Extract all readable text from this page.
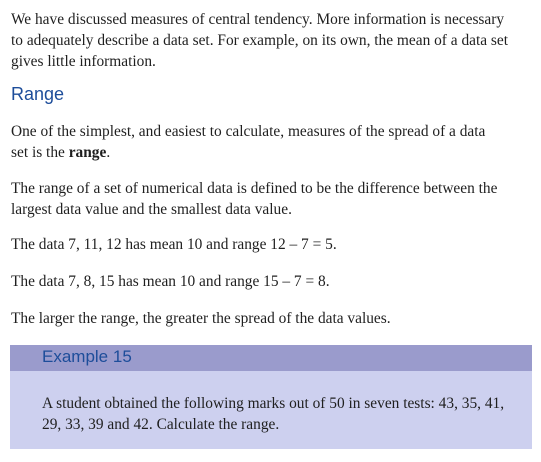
We have discussed measures of central tendency. More information is necessary to adequately describe a data set. For example, on its own, the mean of a data set gives little information.

Range

One of the simplest, and easiest to calculate, measures of the spread of a data set is the range.

The range of a set of numerical data is defined to be the difference between the largest data value and the smallest data value.

The data 7, 11, 12 has mean 10 and range 12 – 7 = 5.

The data 7, 8, 15 has mean 10 and range 15 – 7 = 8.

The larger the range, the greater the spread of the data values.

Example 15
A student obtained the following marks out of 50 in seven tests: 43, 35, 41, 29, 33, 39 and 42. Calculate the range.
